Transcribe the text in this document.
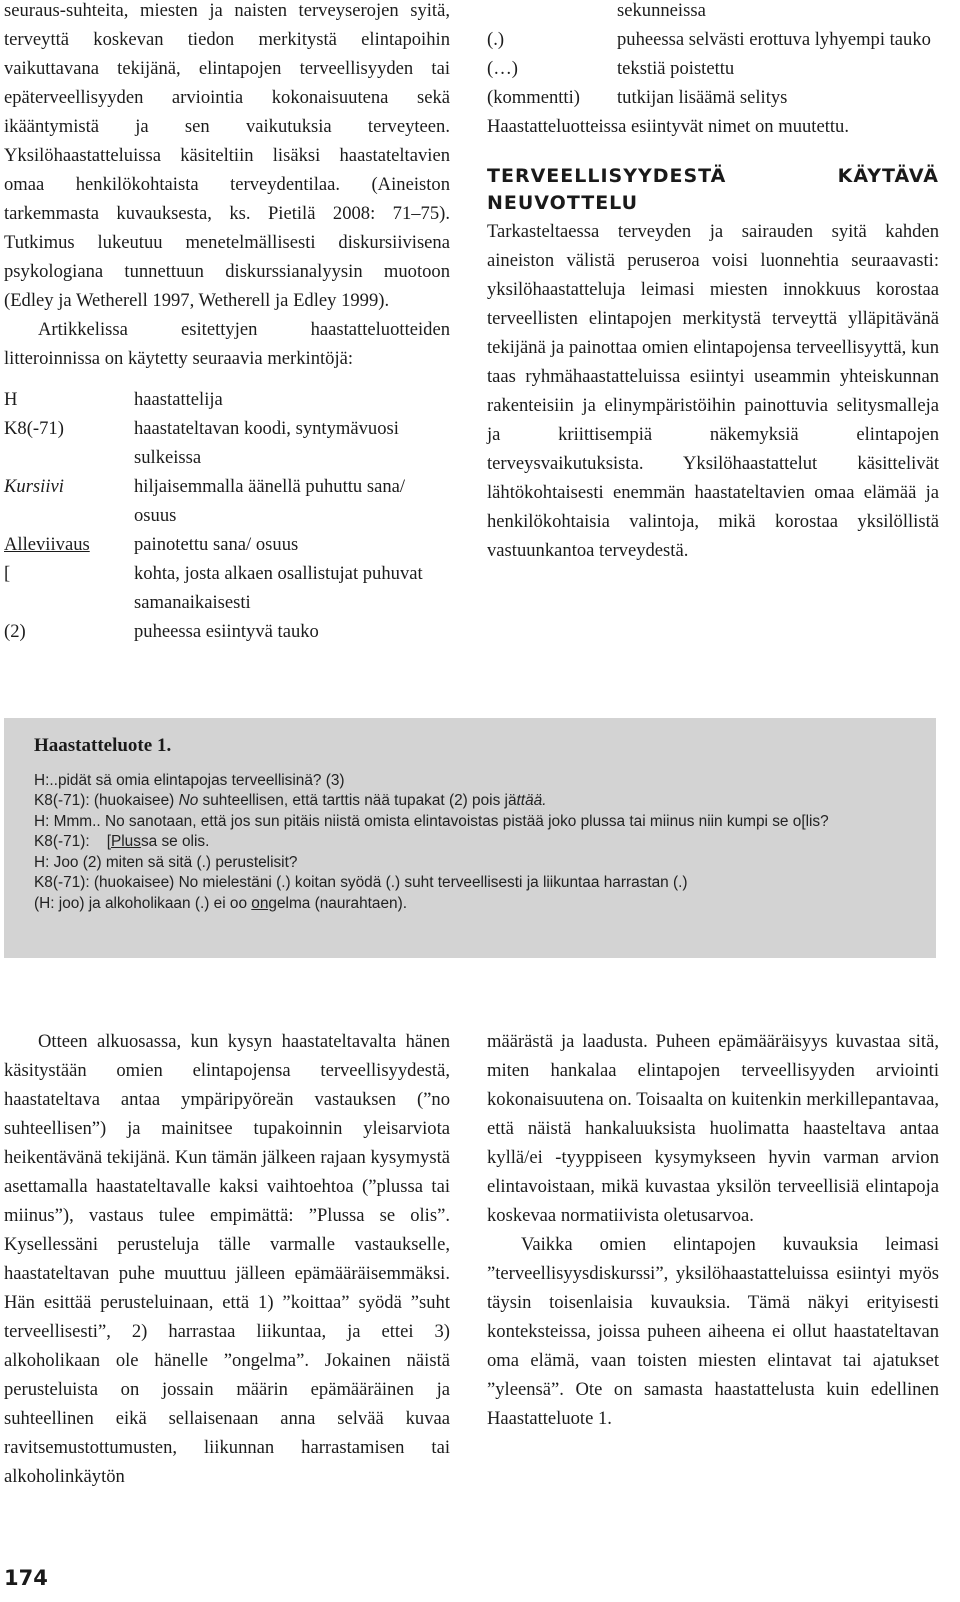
seuraus-suhteita, miesten ja naisten terveyserojen syitä, terveyttä koskevan tiedon merkitystä elintapoihin vaikuttavana tekijänä, elintapojen terveellisyyden tai epäterveellisyyden arviointia kokonaisuutena sekä ikääntymistä ja sen vaikutuksia terveyteen. Yksilöhaastatteluissa käsiteltiin lisäksi haastateltavien omaa henkilökohtaista terveydentilaa. (Aineiston tarkemmasta kuvauksesta, ks. Pietilä 2008: 71–75). Tutkimus lukeutuu menetelmällisesti diskursiivisena psykologiana tunnettuun diskurssianalyysin muotoon (Edley ja Wetherell 1997, Wetherell ja Edley 1999).

Artikkelissa esitettyjen haastatteluotteiden litteroinnissa on käytetty seuraavia merkintöjä:

H	haastattelija
K8(-71)	haastateltavan koodi, syntymävuosi sulkeissa
Kursiivi	hiljaisemmalla äänellä puhuttu sana/ osuus
Alleviivaus	painotettu sana/ osuus
[	kohta, josta alkaen osallistujat puhuvat samanaikaisesti
(2)	puheessa esiintyvä tauko
sekunneissa
(.)	puheessa selvästi erottuva lyhyempi tauko
(…)	tekstiä poistettu
(kommentti)	tutkijan lisäämä selitys

Haastatteluotteissa esiintyvät nimet on muutettu.

TERVEELLISYYDESTÄ KÄYTÄVÄ NEUVOTTELU

Tarkasteltaessa terveyden ja sairauden syitä kahden aineiston välistä peruseroa voisi luonnehtia seuraavasti: yksilöhaastatteluja leimasi miesten innokkuus korostaa terveellisten elintapojen merkitystä terveyttä ylläpitävänä tekijänä ja painottaa omien elintapojensa terveellisyyttä, kun taas ryhmähaastatteluissa esiintyi useammin yhteiskunnan rakenteisiin ja elinympäristöihin painottuvia selitysmalleja ja kriittisempiä näkemyksiä elintapojen terveysvaikutuksista. Yksilöhaastattelut käsittelivät lähtökohtaisesti enemmän haastateltavien omaa elämää ja henkilökohtaisia valintoja, mikä korostaa yksilöllistä vastuunkantoa terveydestä.

Haastatteluote 1.
H:..pidät sä omia elintapojas terveellisinä? (3)
K8(-71): (huokaisee) No suhteellisen, että tarttis nää tupakat (2) pois jättää.
H: Mmm.. No sanotaan, että jos sun pitäis niistä omista elintavoistas pistää joko plussa tai miinus niin kumpi se o[lis?
K8(-71):    [Plussa se olis.
H: Joo (2) miten sä sitä (.) perustelisit?
K8(-71): (huokaisee) No mielestäni (.) koitan syödä (.) suht terveellisesti ja liikuntaa harrastan (.)
(H: joo) ja alkoholikaan (.) ei oo ongelma (naurahtaen).

Otteen alkuosassa, kun kysyn haastateltavalta hänen käsitystään omien elintapojensa terveellisyydestä, haastateltava antaa ympäripyöreän vastauksen (”no suhteellisen”) ja mainitsee tupakoinnin yleisarviota heikentävänä tekijänä. Kun tämän jälkeen rajaan kysymystä asettamalla haastateltavalle kaksi vaihtoehtoa (”plussa tai miinus”), vastaus tulee empimättä: ”Plussa se olis”. Kysellessäni perusteluja tälle varmalle vastaukselle, haastateltavan puhe muuttuu jälleen epämääräisemmäksi. Hän esittää perusteluinaan, että 1) ”koittaa” syödä ”suht terveellisesti”, 2) harrastaa liikuntaa, ja ettei 3) alkoholikaan ole hänelle ”ongelma”. Jokainen näistä perusteluista on jossain määrin epämääräinen ja suhteellinen eikä sellaisenaan anna selvää kuvaa ravitsemustottumusten, liikunnan harrastamisen tai alkoholinkäytön

määrästä ja laadusta. Puheen epämääräisyys kuvastaa sitä, miten hankalaa elintapojen terveellisyyden arviointi kokonaisuutena on. Toisaalta on kuitenkin merkillepantavaa, että näistä hankaluuksista huolimatta haasteltava antaa kyllä/ei -tyyppiseen kysymykseen hyvin varman arvion elintavoistaan, mikä kuvastaa yksilön terveellisiä elintapoja koskevaa normatiivista oletusarvoa.

Vaikka omien elintapojen kuvauksia leimasi ”terveellisyysdiskurssi”, yksilöhaastatteluissa esiintyi myös täysin toisenlaisia kuvauksia. Tämä näkyi erityisesti konteksteissa, joissa puheen aiheena ei ollut haastateltavan oma elämä, vaan toisten miesten elintavat tai ajatukset ”yleensä”. Ote on samasta haastattelusta kuin edellinen Haastatteluote 1.

174
